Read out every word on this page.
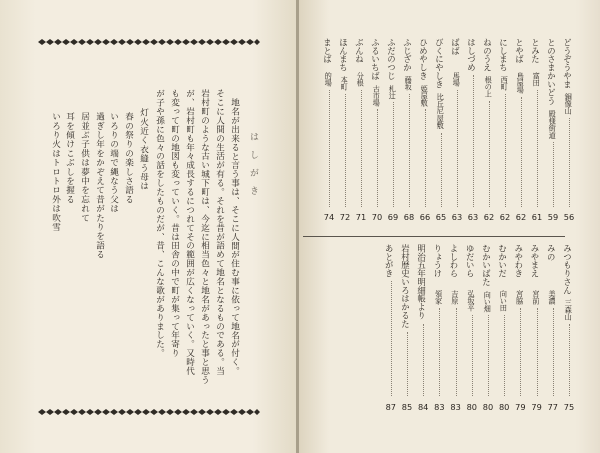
はしがき
地名が出来ると言う事は、そこに人間が住む事に依って地名が付く。
そこに人間の生活が有る。それを昔が語めて地名となるものである。当
岩村町のような古い城下町は、今迄に相当色々と地名があったと事と思う
が、岩村町も年々成長するにつれてその範囲が広くなっていく。又時代
も変って町の地図も変っていく。昔は田舎の中で町が集って年寄り
が子や孫に色々の話をしたものだが、昔、こんな歌がありました。
灯火近く衣縫う母は
春の祭りの楽しさ語る
いろりの端で縄なう父は
過ぎし年をかぞえて昔がたりを語る
居並ぶ子供は夢中を忘れて
耳を傾けこぶしを握る
いろり火はトロトロ外は吹雪
どうぞうやま
銅像山
56
とのさまかいどう
殿様街道
59
とみた
富田
61
とやば
鳥屋場
62
にしまち
西町
62
ねのうえ
根の上
62
はしづめ
63
ばば
馬場
63
びくにやしき
比丘尼屋敷
65
ひめやしき
姫屋敷
66
ふじざか
藤坂
68
ふだのつじ
札辻
69
ふるいちば
古市場
70
ぶんね
分根
71
ほんまち
本町
72
まとば
的場
74
みつもりさん
三森山
75
みの
美濃
77
みやまえ
宮前
79
みやわき
宮脇
79
むかいだ
向い田
80
むかいばた
向い畑
80
ゆだいら
弘坂平
80
よしわら
吉原
83
りょうけ
領家
83
明治五年明細帳より
84
岩村歴史いろはかるた
85
あとがき
87
